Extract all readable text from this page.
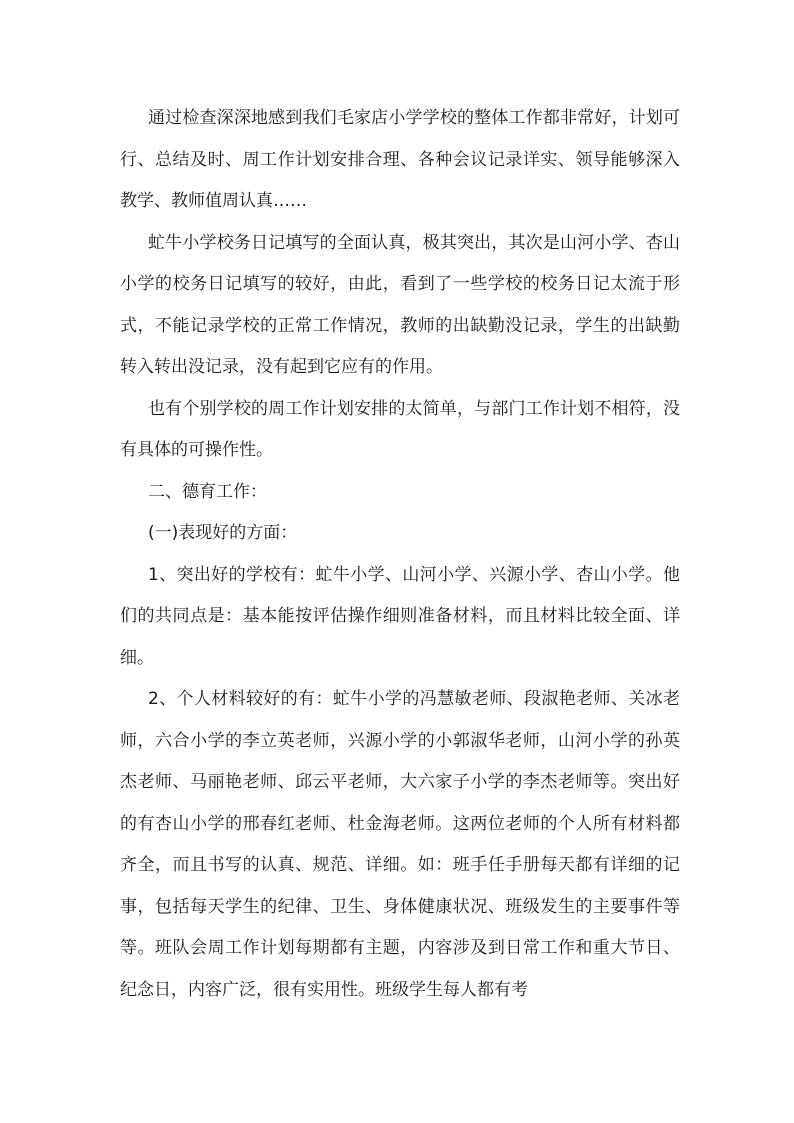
通过检查深深地感到我们毛家店小学学校的整体工作都非常好，计划可行、总结及时、周工作计划安排合理、各种会议记录详实、领导能够深入教学、教师值周认真……

虻牛小学校务日记填写的全面认真，极其突出，其次是山河小学、杏山小学的校务日记填写的较好，由此，看到了一些学校的校务日记太流于形式，不能记录学校的正常工作情况，教师的出缺勤没记录，学生的出缺勤转入转出没记录，没有起到它应有的作用。

也有个别学校的周工作计划安排的太简单，与部门工作计划不相符，没有具体的可操作性。

二、德育工作：

(一)表现好的方面：

1、突出好的学校有：虻牛小学、山河小学、兴源小学、杏山小学。他们的共同点是：基本能按评估操作细则准备材料，而且材料比较全面、详细。

2、个人材料较好的有：虻牛小学的冯慧敏老师、段淑艳老师、关冰老师，六合小学的李立英老师，兴源小学的小郭淑华老师，山河小学的孙英杰老师、马丽艳老师、邱云平老师，大六家子小学的李杰老师等。突出好的有杏山小学的邢春红老师、杜金海老师。这两位老师的个人所有材料都齐全，而且书写的认真、规范、详细。如：班手任手册每天都有详细的记事，包括每天学生的纪律、卫生、身体健康状况、班级发生的主要事件等等。班队会周工作计划每期都有主题，内容涉及到日常工作和重大节日、纪念日，内容广泛，很有实用性。班级学生每人都有考
